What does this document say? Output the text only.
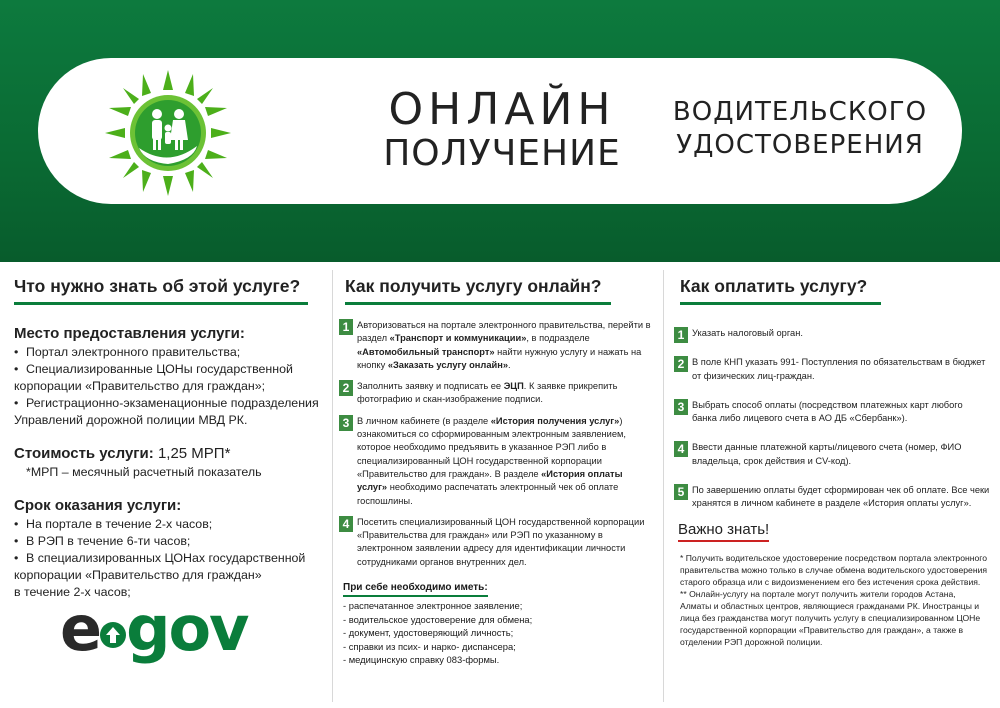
ОНЛАЙН
ПОЛУЧЕНИЕ
ВОДИТЕЛЬСКОГО
УДОСТОВЕРЕНИЯ
Что нужно знать об этой услуге?
Место предоставления услуги:
• Портал электронного правительства;
• Специализированные ЦОНы государственной корпорации «Правительство для граждан»;
• Регистрационно-экзаменационные подразделения Управлений дорожной полиции МВД РК.
Стоимость услуги: 1,25 МРП*
*МРП – месячный расчетный показатель
Срок оказания услуги:
• На портале в течение 2-х часов;
• В РЭП в течение 6-ти часов;
• В специализированных ЦОНах государственной корпорации «Правительство для граждан»
в течение 2-х часов;
e gov
Как получить услугу онлайн?
1 Авторизоваться на портале электронного правительства, перейти в раздел «Транспорт и коммуникации», в подразделе «Автомобильный транспорт» найти нужную услугу и нажать на кнопку «Заказать услугу онлайн».
2 Заполнить заявку и подписать ее ЭЦП. К заявке прикрепить фотографию и скан-изображение подписи.
3 В личном кабинете (в разделе «История получения услуг») ознакомиться со сформированным электронным заявлением, которое необходимо предъявить в указанное РЭП либо в специализированный ЦОН государственной корпорации «Правительство для граждан». В разделе «История оплаты услуг» необходимо распечатать электронный чек об оплате госпошлины.
4 Посетить специализированный ЦОН государственной корпорации «Правительства для граждан» или РЭП по указанному в электронном заявлении адресу для идентификации личности сотрудниками органов внутренних дел.
При себе необходимо иметь:
- распечатанное электронное заявление;
- водительское удостоверение для обмена;
- документ, удостоверяющий личность;
- справки из псих- и нарко- диспансера;
- медицинскую справку 083-формы.
Как оплатить услугу?
1 Указать налоговый орган.
2 В поле КНП указать 991- Поступления по обязательствам в бюджет от физических лиц-граждан.
3 Выбрать способ оплаты (посредством платежных карт любого банка либо лицевого счета в АО ДБ «Сбербанк»).
4 Ввести данные платежной карты/лицевого счета (номер, ФИО владельца, срок действия и CV-код).
5 По завершению оплаты будет сформирован чек об оплате. Все чеки хранятся в личном кабинете в разделе «История оплаты услуг».
Важно знать!
* Получить водительское удостоверение посредством портала электронного правительства можно только в случае обмена водительского удостоверения старого образца или с видоизменением его без истечения срока действия.
** Онлайн-услугу на портале могут получить жители городов Астана, Алматы и областных центров, являющиеся гражданами РК. Иностранцы и лица без гражданства могут получить услугу в специализированном ЦОНе государственной корпорации «Правительство для граждан», а также в отделении РЭП дорожной полиции.
